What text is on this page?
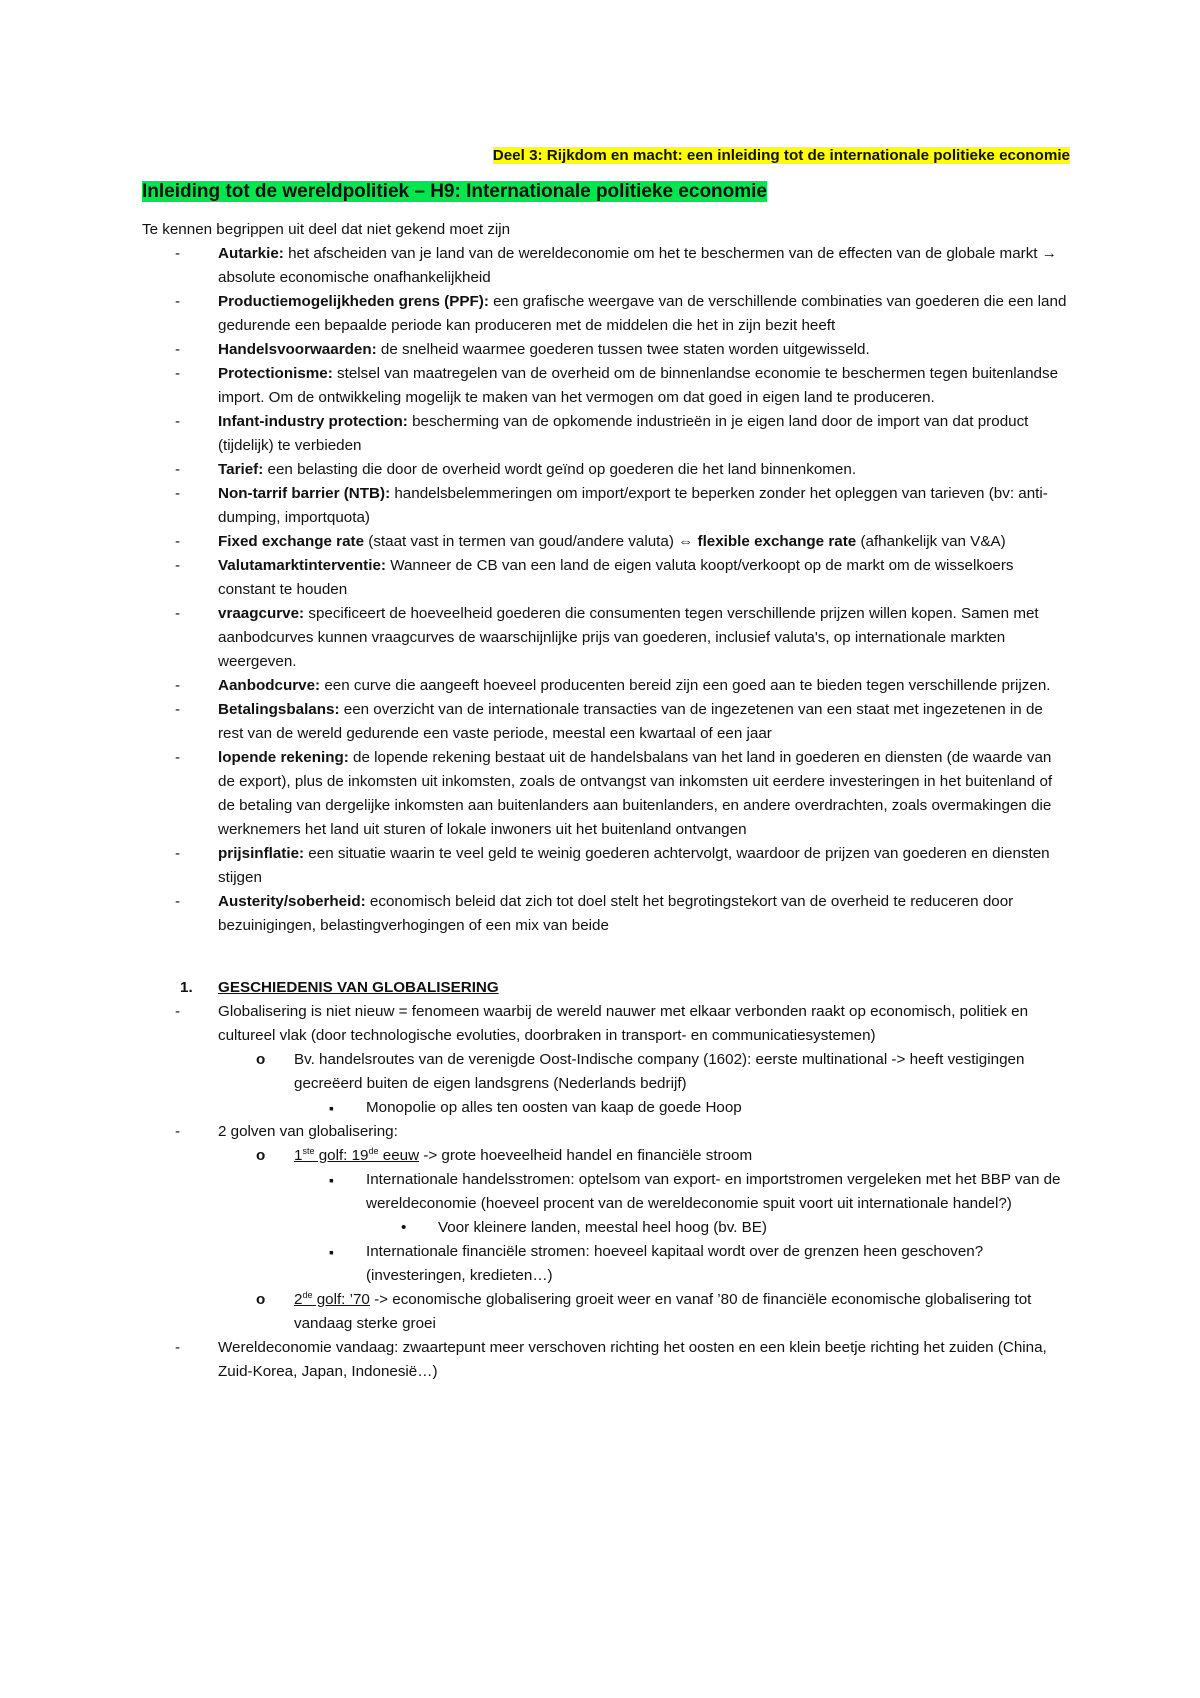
Deel 3: Rijkdom en macht: een inleiding tot de internationale politieke economie
Inleiding tot de wereldpolitiek – H9: Internationale politieke economie

Te kennen begrippen uit deel dat niet gekend moet zijn

- Autarkie: het afscheiden van je land van de wereldeconomie om het te beschermen van de effecten van de globale markt → absolute economische onafhankelijkheid
- Productiemogelijkheden grens (PPF): een grafische weergave van de verschillende combinaties van goederen die een land gedurende een bepaalde periode kan produceren met de middelen die het in zijn bezit heeft
- Handelsvoorwaarden: de snelheid waarmee goederen tussen twee staten worden uitgewisseld.
- Protectionisme: stelsel van maatregelen van de overheid om de binnenlandse economie te beschermen tegen buitenlandse import. Om de ontwikkeling mogelijk te maken van het vermogen om dat goed in eigen land te produceren.
- Infant-industry protection: bescherming van de opkomende industrieën in je eigen land door de import van dat product (tijdelijk) te verbieden
- Tarief: een belasting die door de overheid wordt geïnd op goederen die het land binnenkomen.
- Non-tarrif barrier (NTB): handelsbelemmeringen om import/export te beperken zonder het opleggen van tarieven (bv: anti-dumping, importquota)
- Fixed exchange rate (staat vast in termen van goud/andere valuta) ⇔ flexible exchange rate (afhankelijk van V&A)
- Valutamarktinterventie: Wanneer de CB van een land de eigen valuta koopt/verkoopt op de markt om de wisselkoers constant te houden
- vraagcurve: specificeert de hoeveelheid goederen die consumenten tegen verschillende prijzen willen kopen. Samen met aanbodcurves kunnen vraagcurves de waarschijnlijke prijs van goederen, inclusief valuta's, op internationale markten weergeven.
- Aanbodcurve: een curve die aangeeft hoeveel producenten bereid zijn een goed aan te bieden tegen verschillende prijzen.
- Betalingsbalans: een overzicht van de internationale transacties van de ingezetenen van een staat met ingezetenen in de rest van de wereld gedurende een vaste periode, meestal een kwartaal of een jaar
- lopende rekening: de lopende rekening bestaat uit de handelsbalans van het land in goederen en diensten (de waarde van de export), plus de inkomsten uit inkomsten, zoals de ontvangst van inkomsten uit eerdere investeringen in het buitenland of de betaling van dergelijke inkomsten aan buitenlanders aan buitenlanders, en andere overdrachten, zoals overmakingen die werknemers het land uit sturen of lokale inwoners uit het buitenland ontvangen
- prijsinflatie: een situatie waarin te veel geld te weinig goederen achtervolgt, waardoor de prijzen van goederen en diensten stijgen
- Austerity/soberheid: economisch beleid dat zich tot doel stelt het begrotingstekort van de overheid te reduceren door bezuinigingen, belastingverhogingen of een mix van beide
1. GESCHIEDENIS VAN GLOBALISERING
- Globalisering is niet nieuw = fenomeen waarbij de wereld nauwer met elkaar verbonden raakt op economisch, politiek en cultureel vlak (door technologische evoluties, doorbraken in transport- en communicatiesystemen)
o Bv. handelsroutes van de verenigde Oost-Indische company (1602): eerste multinational -> heeft vestigingen gecreëerd buiten de eigen landsgrens (Nederlands bedrijf)
▪ Monopolie op alles ten oosten van kaap de goede Hoop
- 2 golven van globalisering:
o 1ste golf: 19de eeuw -> grote hoeveelheid handel en financiële stroom
▪ Internationale handelsstromen: optelsom van export- en importstromen vergeleken met het BBP van de wereldeconomie (hoeveel procent van de wereldeconomie spuit voort uit internationale handel?)
• Voor kleinere landen, meestal heel hoog (bv. BE)
▪ Internationale financiële stromen: hoeveel kapitaal wordt over de grenzen heen geschoven? (investeringen, kredieten…)
o 2de golf: ’70 -> economische globalisering groeit weer en vanaf ’80 de financiële economische globalisering tot vandaag sterke groei
- Wereldeconomie vandaag: zwaartepunt meer verschoven richting het oosten en een klein beetje richting het zuiden (China, Zuid-Korea, Japan, Indonesië…)
